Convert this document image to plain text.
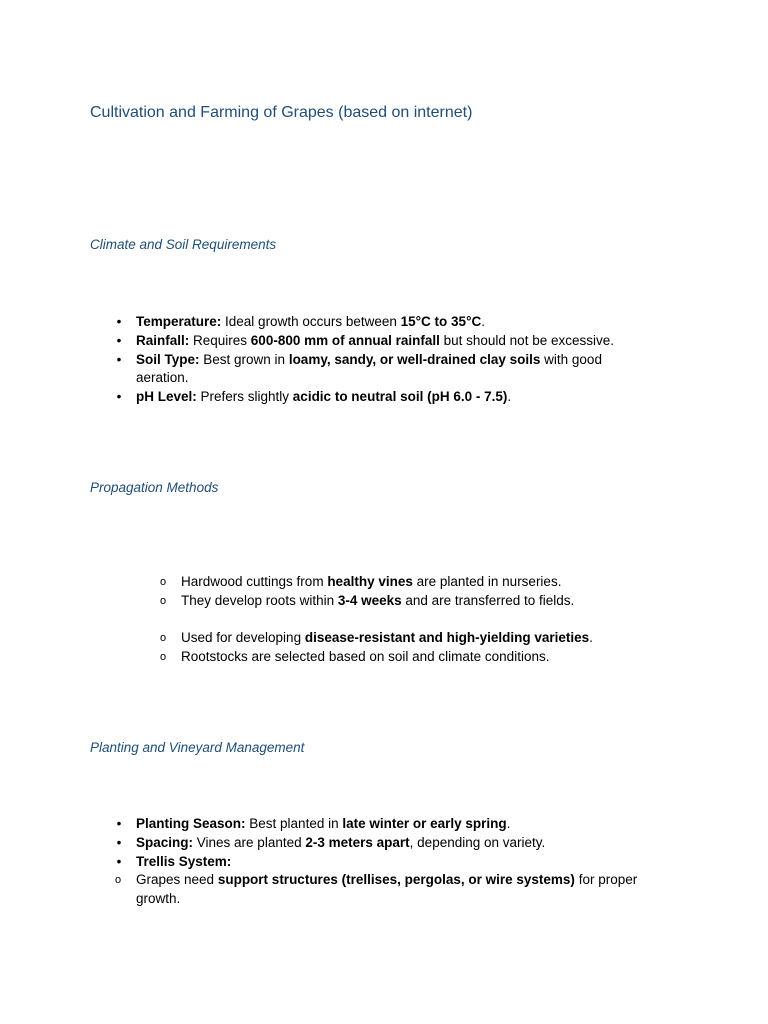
Cultivation and Farming of Grapes (based on internet)
Climate and Soil Requirements
• Temperature: Ideal growth occurs between 15°C to 35°C.
• Rainfall: Requires 600-800 mm of annual rainfall but should not be excessive.
• Soil Type: Best grown in loamy, sandy, or well-drained clay soils with good aeration.
• pH Level: Prefers slightly acidic to neutral soil (pH 6.0 - 7.5).
Propagation Methods
o Hardwood cuttings from healthy vines are planted in nurseries.
o They develop roots within 3-4 weeks and are transferred to fields.
o Used for developing disease-resistant and high-yielding varieties.
o Rootstocks are selected based on soil and climate conditions.
Planting and Vineyard Management
• Planting Season: Best planted in late winter or early spring.
• Spacing: Vines are planted 2-3 meters apart, depending on variety.
• Trellis System:
o Grapes need support structures (trellises, pergolas, or wire systems) for proper growth.
